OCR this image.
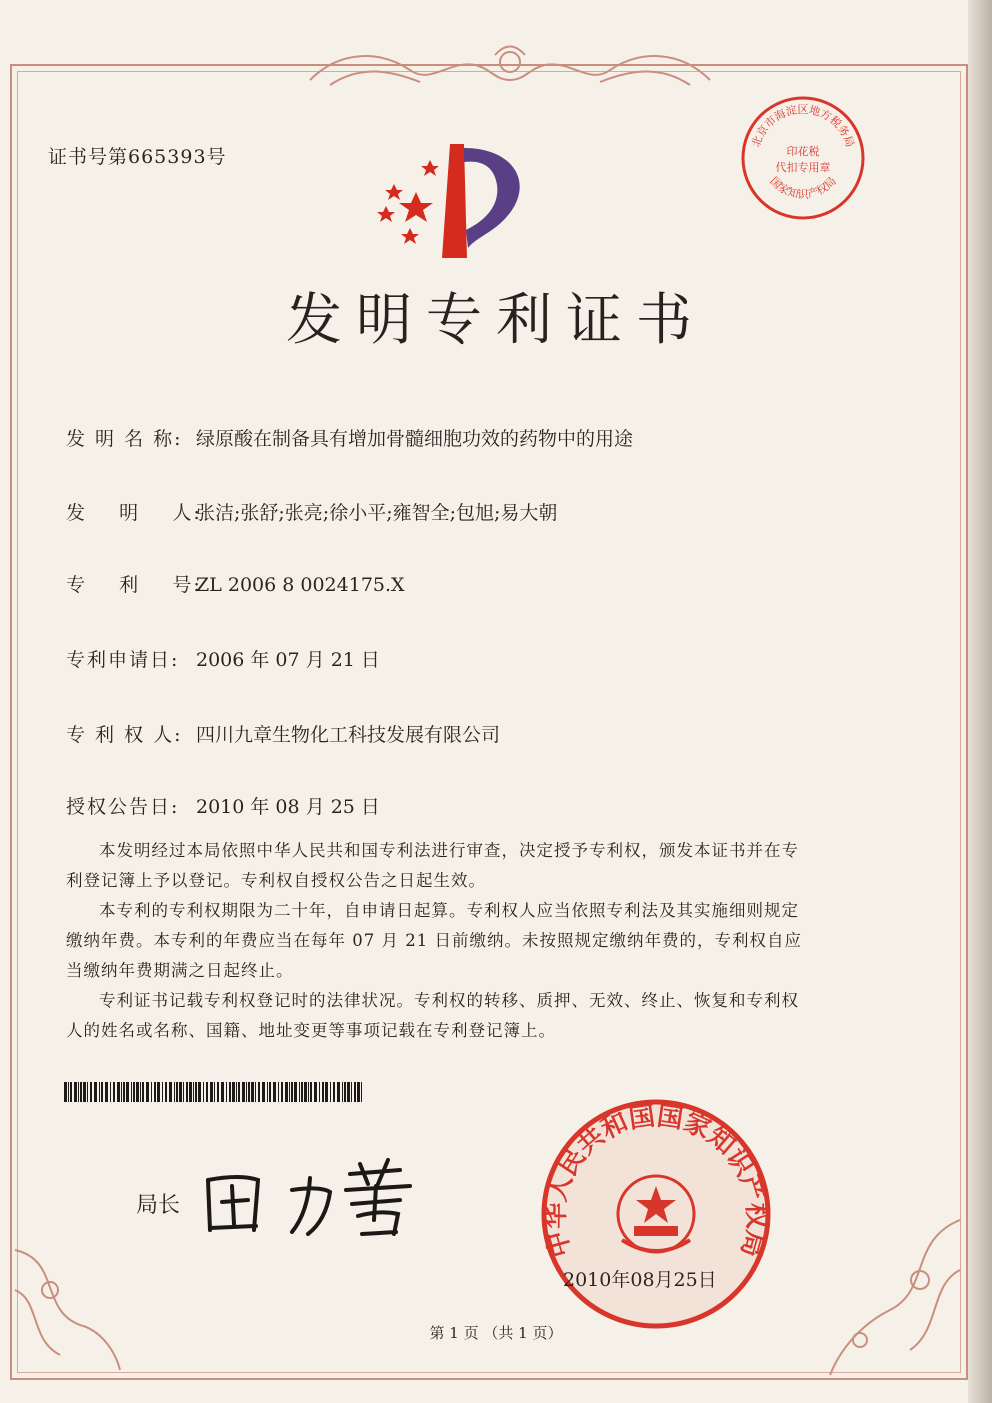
证书号第665393号
北京市海淀区地方税务局
印花税
代扣专用章
国家知识产权局
发明专利证书
发 明 名 称: 绿原酸在制备具有增加骨髓细胞功效的药物中的用途
发    明    人:张洁;张舒;张亮;徐小平;雍智全;包旭;易大朝
专    利    号:ZL 2006 8 0024175.X
专利申请日: 2006 年 07 月 21 日
专 利 权 人: 四川九章生物化工科技发展有限公司
授权公告日: 2010 年 08 月 25 日

本发明经过本局依照中华人民共和国专利法进行审查，决定授予专利权，颁发本证书并在专利登记簿上予以登记。专利权自授权公告之日起生效。

本专利的专利权期限为二十年，自申请日起算。专利权人应当依照专利法及其实施细则规定缴纳年费。本专利的年费应当在每年 07 月 21 日前缴纳。未按照规定缴纳年费的，专利权自应当缴纳年费期满之日起终止。

专利证书记载专利权登记时的法律状况。专利权的转移、质押、无效、终止、恢复和专利权人的姓名或名称、国籍、地址变更等事项记载在专利登记簿上。

中华人民共和国国家知识产权局
局长
2010年08月25日
第 1 页 （共 1 页）
